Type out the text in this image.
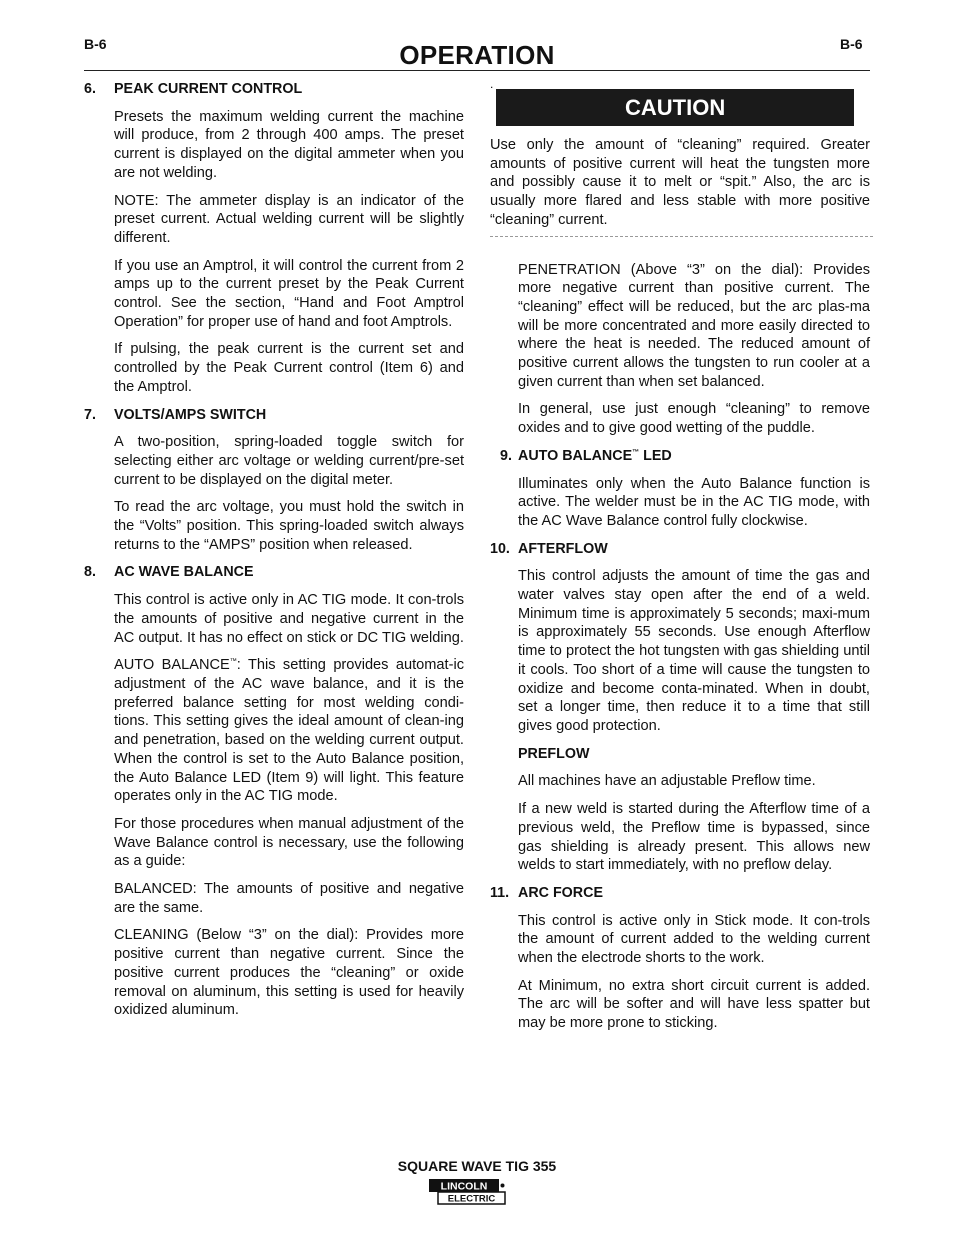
B-6	OPERATION	B-6

6. PEAK CURRENT CONTROL

Presets the maximum welding current the machine will produce, from 2 through 400 amps. The preset current is displayed on the digital ammeter when you are not welding.

NOTE: The ammeter display is an indicator of the preset current. Actual welding current will be slightly different.

If you use an Amptrol, it will control the current from 2 amps up to the current preset by the Peak Current control. See the section, “Hand and Foot Amptrol Operation” for proper use of hand and foot Amptrols.

If pulsing, the peak current is the current set and controlled by the Peak Current control (Item 6) and the Amptrol.

7. VOLTS/AMPS SWITCH

A two-position, spring-loaded toggle switch for selecting either arc voltage or welding current/pre-set current to be displayed on the digital meter.

To read the arc voltage, you must hold the switch in the “Volts” position. This spring-loaded switch always returns to the “AMPS” position when released.

8. AC WAVE BALANCE

This control is active only in AC TIG mode. It con-trols the amounts of positive and negative current in the AC output. It has no effect on stick or DC TIG welding.

AUTO BALANCE™: This setting provides automat-ic adjustment of the AC wave balance, and it is the preferred balance setting for most welding condi-tions. This setting gives the ideal amount of clean-ing and penetration, based on the welding current output. When the control is set to the Auto Balance position, the Auto Balance LED (Item 9) will light. This feature operates only in the AC TIG mode.

For those procedures when manual adjustment of the Wave Balance control is necessary, use the following as a guide:

BALANCED: The amounts of positive and negative are the same.

CLEANING (Below “3” on the dial): Provides more positive current than negative current. Since the positive current produces the “cleaning” or oxide removal on aluminum, this setting is used for heavily oxidized aluminum.

.
CAUTION

Use only the amount of “cleaning” required. Greater amounts of positive current will heat the tungsten more and possibly cause it to melt or “spit.” Also, the arc is usually more flared and less stable with more positive “cleaning” current.

PENETRATION (Above “3” on the dial): Provides more negative current than positive current. The “cleaning” effect will be reduced, but the arc plas-ma will be more concentrated and more easily directed to where the heat is needed. The reduced amount of positive current allows the tungsten to run cooler at a given current than when set balanced.

In general, use just enough “cleaning” to remove oxides and to give good wetting of the puddle.

9. AUTO BALANCE™ LED

Illuminates only when the Auto Balance function is active. The welder must be in the AC TIG mode, with the AC Wave Balance control fully clockwise.

10. AFTERFLOW

This control adjusts the amount of time the gas and water valves stay open after the end of a weld. Minimum time is approximately 5 seconds; maxi-mum is approximately 55 seconds. Use enough Afterflow time to protect the hot tungsten with gas shielding until it cools. Too short of a time will cause the tungsten to oxidize and become conta-minated. When in doubt, set a longer time, then reduce it to a time that still gives good protection.

PREFLOW

All machines have an adjustable Preflow time.

If a new weld is started during the Afterflow time of a previous weld, the Preflow time is bypassed, since gas shielding is already present. This allows new welds to start immediately, with no preflow delay.

11. ARC FORCE

This control is active only in Stick mode. It con-trols the amount of current added to the welding current when the electrode shorts to the work.

At Minimum, no extra short circuit current is added. The arc will be softer and will have less spatter but may be more prone to sticking.

SQUARE WAVE TIG 355
LINCOLN
ELECTRIC
